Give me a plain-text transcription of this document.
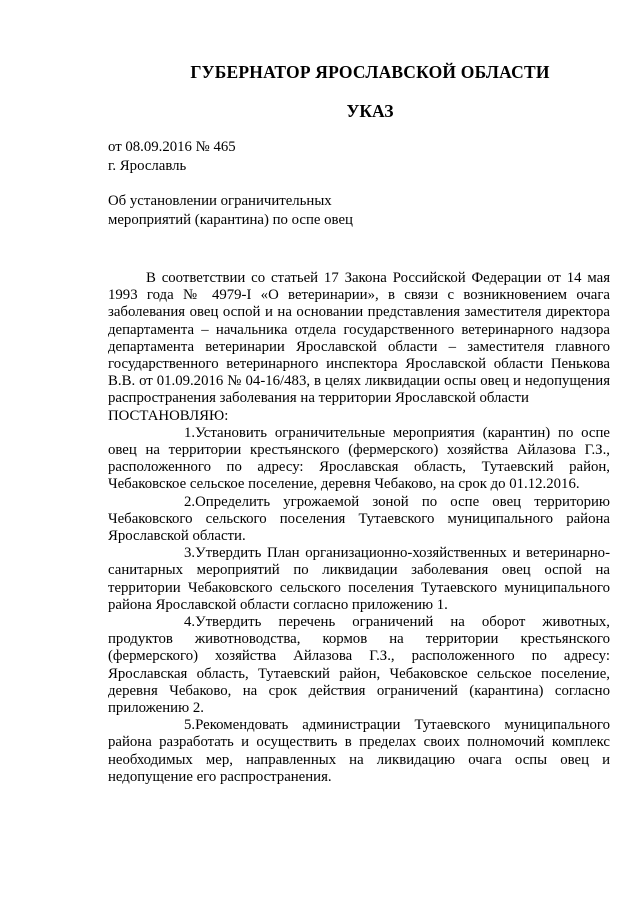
ГУБЕРНАТОР ЯРОСЛАВСКОЙ ОБЛАСТИ
УКАЗ
от 08.09.2016 № 465
г. Ярославль
Об установлении ограничительных мероприятий (карантина) по оспе овец

В соответствии со статьей 17 Закона Российской Федерации от 14 мая 1993 года № 4979-I «О ветеринарии», в связи с возникновением очага заболевания овец оспой и на основании представления заместителя директора департамента – начальника отдела государственного ветеринарного надзора департамента ветеринарии Ярославской области – заместителя главного государственного ветеринарного инспектора Ярославской области Пенькова В.В. от 01.09.2016 № 04-16/483, в целях ликвидации оспы овец и недопущения распространения заболевания на территории Ярославской области

ПОСТАНОВЛЯЮ:

1.Установить ограничительные мероприятия (карантин) по оспе овец на территории крестьянского (фермерского) хозяйства Айлазова Г.З., расположенного по адресу: Ярославская область, Тутаевский район, Чебаковское сельское поселение, деревня Чебаково, на срок до 01.12.2016.

2.Определить угрожаемой зоной по оспе овец территорию Чебаковского сельского поселения Тутаевского муниципального района Ярославской области.

3.Утвердить План организационно-хозяйственных и ветеринарно-санитарных мероприятий по ликвидации заболевания овец оспой на территории Чебаковского сельского поселения Тутаевского муниципального района Ярославской области согласно приложению 1.

4.Утвердить перечень ограничений на оборот животных, продуктов животноводства, кормов на территории крестьянского (фермерского) хозяйства Айлазова Г.З., расположенного по адресу: Ярославская область, Тутаевский район, Чебаковское сельское поселение, деревня Чебаково, на срок действия ограничений (карантина) согласно приложению 2.

5.Рекомендовать администрации Тутаевского муниципального района разработать и осуществить в пределах своих полномочий комплекс необходимых мер, направленных на ликвидацию очага оспы овец и недопущение его распространения.
